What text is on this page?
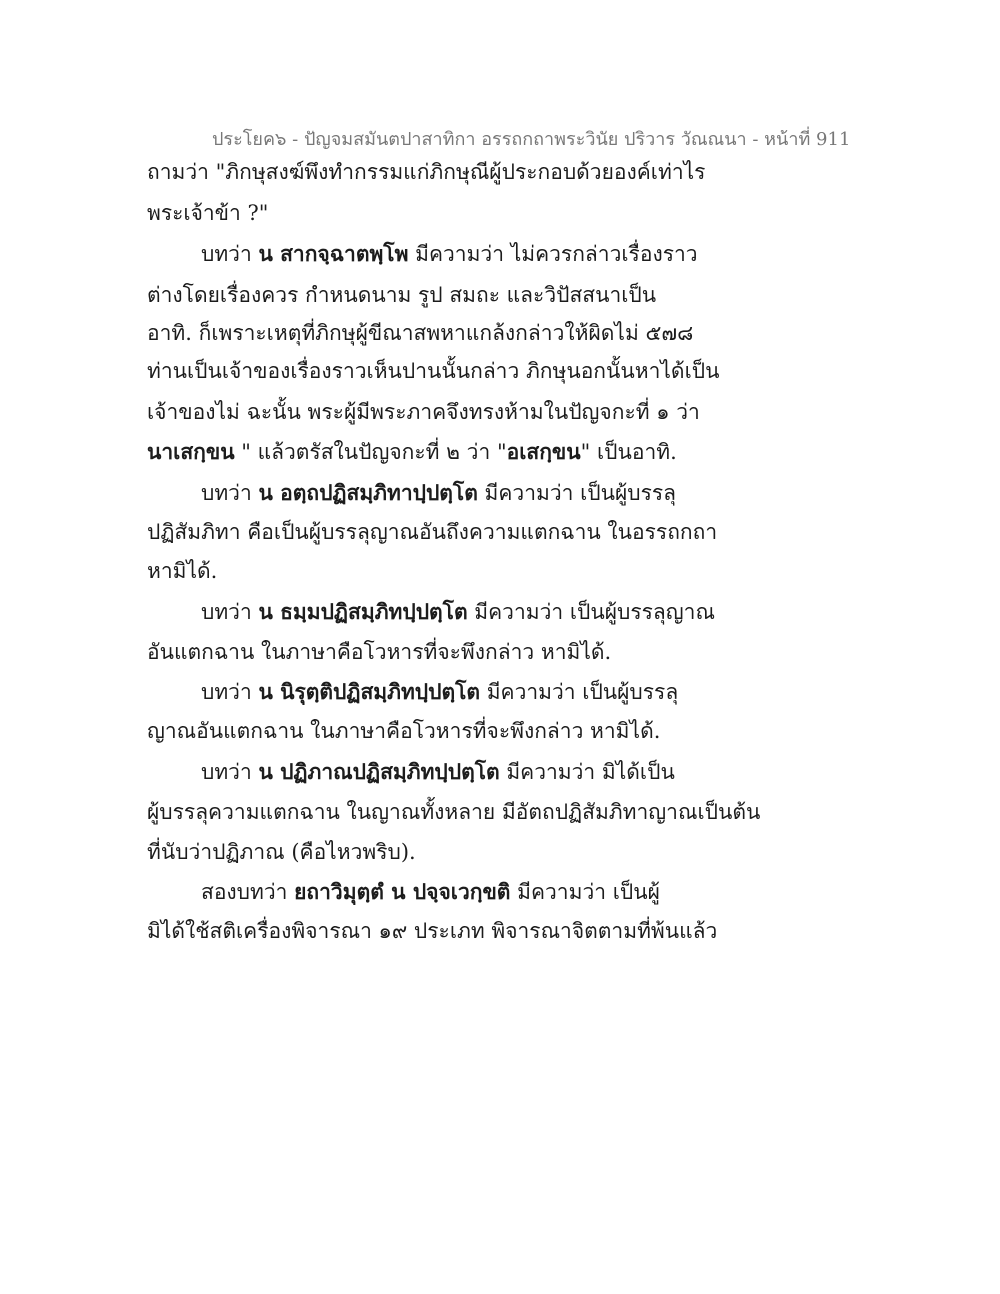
ประโยค๖ - ปัญจมสมันตปาสาทิกา อรรถกถาพระวินัย ปริวาร วัณณนา - หน้าที่ 911
ถามว่า "ภิกษุสงฆ์พึงทำกรรมแก่ภิกษุณีผู้ประกอบด้วยองค์เท่าไร
พระเจ้าข้า ?"
บทว่า น สากจฺฉาตพฺโพ มีความว่า ไม่ควรกล่าวเรื่องราว
ต่างโดยเรื่องควร กำหนดนาม รูป สมถะ และวิปัสสนาเป็น
อาทิ. ก็เพราะเหตุที่ภิกษุผู้ขีณาสพหาแกล้งกล่าวให้ผิดไม่ ๕๗๘
ท่านเป็นเจ้าของเรื่องราวเห็นปานนั้นกล่าว ภิกษุนอกนั้นหาได้เป็น
เจ้าของไม่ ฉะนั้น พระผู้มีพระภาคจึงทรงห้ามในปัญจกะที่ ๑ ว่า
นาเสกฺขน " แล้วตรัสในปัญจกะที่ ๒ ว่า "อเสกฺขน" เป็นอาทิ.
บทว่า น อตฺถปฏิสมฺภิทาปฺปตฺโต มีความว่า เป็นผู้บรรลุ
ปฏิสัมภิทา คือเป็นผู้บรรลุญาณอันถึงความแตกฉาน ในอรรถกถา
หามิได้.
บทว่า น ธมฺมปฏิสมฺภิทปฺปตฺโต มีความว่า เป็นผู้บรรลุญาณ
อันแตกฉาน ในภาษาคือโวหารที่จะพึงกล่าว หามิได้.
บทว่า น นิรุตฺติปฏิสมฺภิทปฺปตฺโต มีความว่า เป็นผู้บรรลุ
ญาณอันแตกฉาน ในภาษาคือโวหารที่จะพึงกล่าว หามิได้.
บทว่า น ปฏิภาณปฏิสมฺภิทปฺปตฺโต มีความว่า มิได้เป็น
ผู้บรรลุความแตกฉาน ในญาณทั้งหลาย มีอัตถปฏิสัมภิทาญาณเป็นต้น
ที่นับว่าปฏิภาณ (คือไหวพริบ).
สองบทว่า ยถาวิมุตฺตํ น ปจฺจเวกฺขติ มีความว่า เป็นผู้
มิได้ใช้สติเครื่องพิจารณา ๑๙ ประเภท พิจารณาจิตตามที่พ้นแล้ว
